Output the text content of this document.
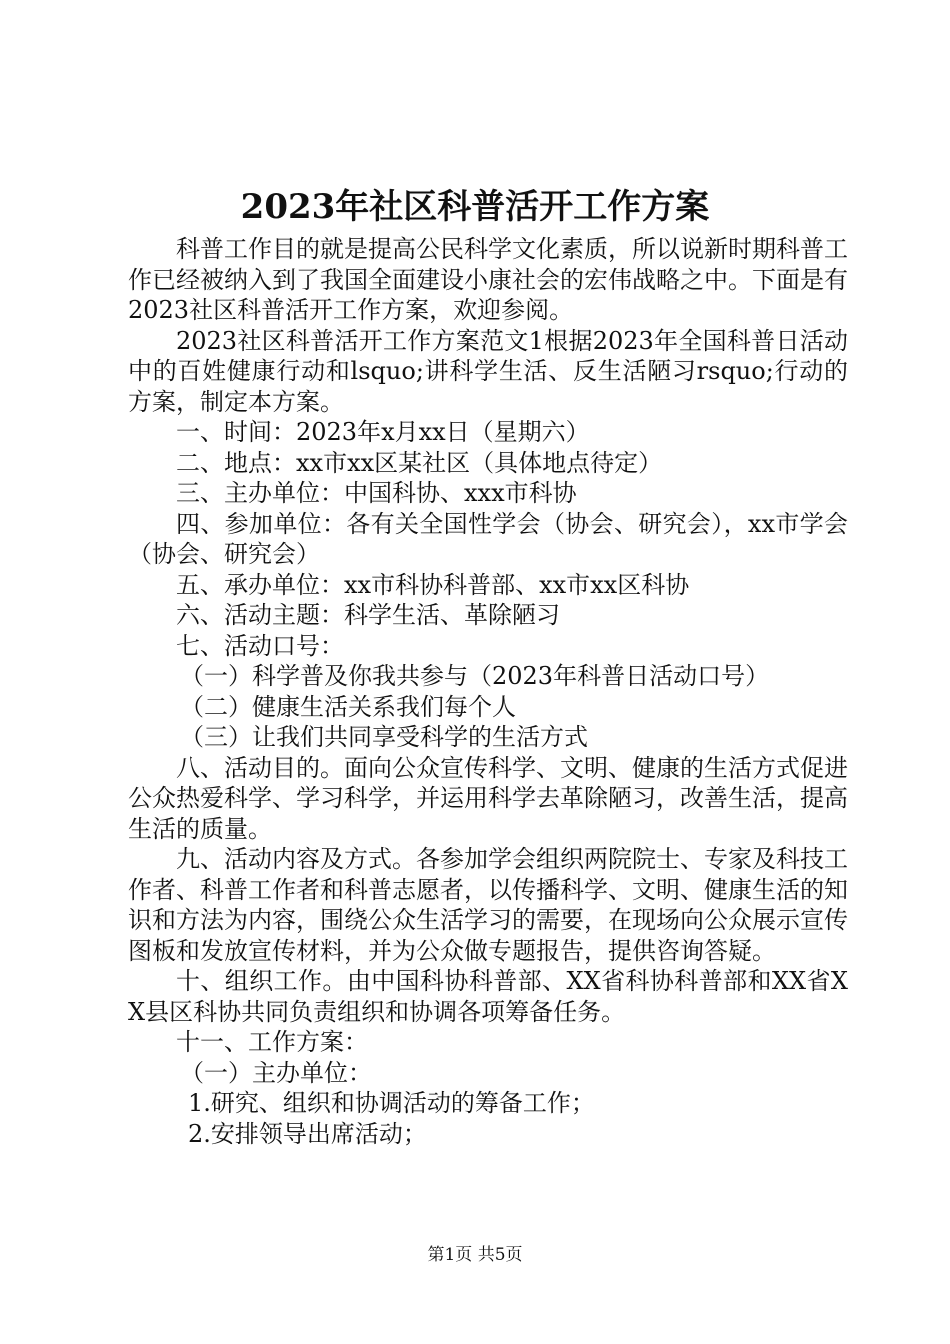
2023年社区科普活开工作方案

科普工作目的就是提高公民科学文化素质，所以说新时期科普工作已经被纳入到了我国全面建设小康社会的宏伟战略之中。下面是有2023社区科普活开工作方案，欢迎参阅。

2023社区科普活开工作方案范文1根据2023年全国科普日活动中的百姓健康行动和lsquo;讲科学生活、反生活陋习rsquo;行动的方案，制定本方案。

一、时间：2023年x月xx日（星期六）

二、地点：xx市xx区某社区（具体地点待定）

三、主办单位：中国科协、xxx市科协

四、参加单位：各有关全国性学会（协会、研究会），xx市学会（协会、研究会）

五、承办单位：xx市科协科普部、xx市xx区科协

六、活动主题：科学生活、革除陋习

七、活动口号：

（一）科学普及你我共参与（2023年科普日活动口号）

（二）健康生活关系我们每个人

（三）让我们共同享受科学的生活方式

八、活动目的。面向公众宣传科学、文明、健康的生活方式促进公众热爱科学、学习科学，并运用科学去革除陋习，改善生活，提高生活的质量。

九、活动内容及方式。各参加学会组织两院院士、专家及科技工作者、科普工作者和科普志愿者，以传播科学、文明、健康生活的知识和方法为内容，围绕公众生活学习的需要，在现场向公众展示宣传图板和发放宣传材料，并为公众做专题报告，提供咨询答疑。

十、组织工作。由中国科协科普部、XX省科协科普部和XX省XX县区科协共同负责组织和协调各项筹备任务。

十一、工作方案：

（一）主办单位：

1.研究、组织和协调活动的筹备工作；

2.安排领导出席活动；

第1页 共5页
